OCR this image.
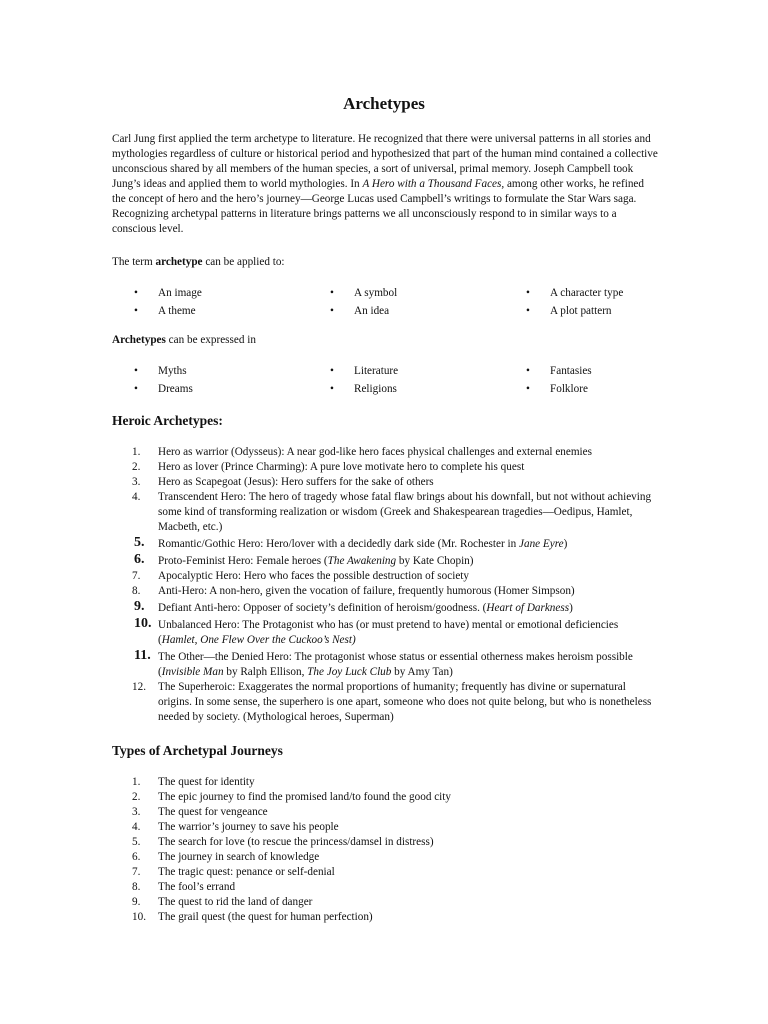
Archetypes

Carl Jung first applied the term archetype to literature. He recognized that there were universal patterns in all stories and mythologies regardless of culture or historical period and hypothesized that part of the human mind contained a collective unconscious shared by all members of the human species, a sort of universal, primal memory. Joseph Campbell took Jung’s ideas and applied them to world mythologies. In A Hero with a Thousand Faces, among other works, he refined the concept of hero and the hero’s journey—George Lucas used Campbell’s writings to formulate the Star Wars saga. Recognizing archetypal patterns in literature brings patterns we all unconsciously respond to in similar ways to a conscious level.

The term archetype can be applied to:

• An image	• A symbol	• A character type
• A theme	• An idea	• A plot pattern

Archetypes can be expressed in

• Myths	• Literature	• Fantasies
• Dreams	• Religions	• Folklore
Heroic Archetypes:
1. Hero as warrior (Odysseus): A near god-like hero faces physical challenges and external enemies
2. Hero as lover (Prince Charming): A pure love motivate hero to complete his quest
3. Hero as Scapegoat (Jesus): Hero suffers for the sake of others
4. Transcendent Hero: The hero of tragedy whose fatal flaw brings about his downfall, but not without achieving some kind of transforming realization or wisdom (Greek and Shakespearean tragedies—Oedipus, Hamlet, Macbeth, etc.)
5. Romantic/Gothic Hero: Hero/lover with a decidedly dark side (Mr. Rochester in Jane Eyre)
6. Proto-Feminist Hero: Female heroes (The Awakening by Kate Chopin)
7. Apocalyptic Hero: Hero who faces the possible destruction of society
8. Anti-Hero: A non-hero, given the vocation of failure, frequently humorous (Homer Simpson)
9. Defiant Anti-hero: Opposer of society’s definition of heroism/goodness. (Heart of Darkness)
10. Unbalanced Hero: The Protagonist who has (or must pretend to have) mental or emotional deficiencies (Hamlet, One Flew Over the Cuckoo’s Nest)
11. The Other—the Denied Hero: The protagonist whose status or essential otherness makes heroism possible (Invisible Man by Ralph Ellison, The Joy Luck Club by Amy Tan)
12. The Superheroic: Exaggerates the normal proportions of humanity; frequently has divine or supernatural origins. In some sense, the superhero is one apart, someone who does not quite belong, but who is nonetheless needed by society. (Mythological heroes, Superman)
Types of Archetypal Journeys
1. The quest for identity
2. The epic journey to find the promised land/to found the good city
3. The quest for vengeance
4. The warrior’s journey to save his people
5. The search for love (to rescue the princess/damsel in distress)
6. The journey in search of knowledge
7. The tragic quest: penance or self-denial
8. The fool’s errand
9. The quest to rid the land of danger
10. The grail quest (the quest for human perfection)
